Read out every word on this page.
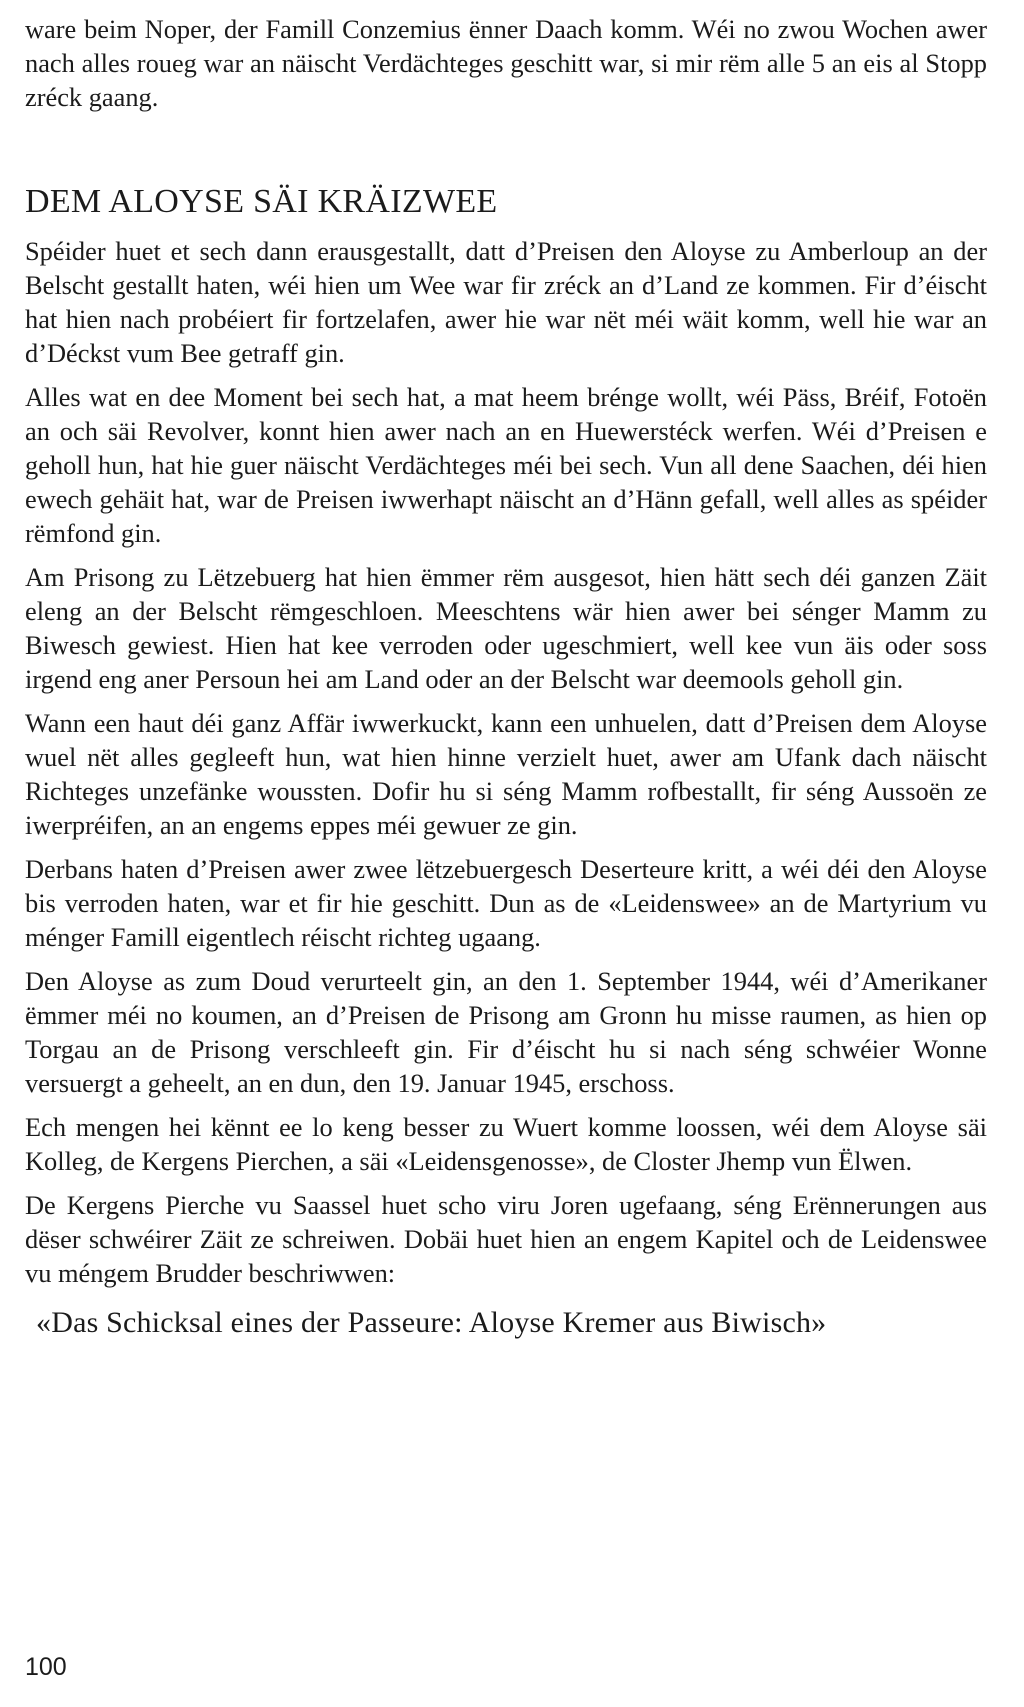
ware beim Noper, der Famill Conzemius ënner Daach komm. Wéi no zwou Wochen awer nach alles roueg war an näischt Verdächteges geschitt war, si mir rëm alle 5 an eis al Stopp zréck gaang.

DEM ALOYSE SÄI KRÄIZWEE

Spéider huet et sech dann erausgestallt, datt d’Preisen den Aloyse zu Amberloup an der Belscht gestallt haten, wéi hien um Wee war fir zréck an d’Land ze kommen. Fir d’éischt hat hien nach probéiert fir fortzelafen, awer hie war nët méi wäit komm, well hie war an d’Déckst vum Bee getraff gin.

Alles wat en dee Moment bei sech hat, a mat heem brénge wollt, wéi Päss, Bréif, Fotoën an och säi Revolver, konnt hien awer nach an en Huewerstéck werfen. Wéi d’Preisen e geholl hun, hat hie guer näischt Verdächteges méi bei sech. Vun all dene Saachen, déi hien ewech gehäit hat, war de Preisen iwwerhapt näischt an d’Hänn gefall, well alles as spéider rëmfond gin.

Am Prisong zu Lëtzebuerg hat hien ëmmer rëm ausgesot, hien hätt sech déi ganzen Zäit eleng an der Belscht rëmgeschloen. Meeschtens wär hien awer bei sénger Mamm zu Biwesch gewiest. Hien hat kee verroden oder ugeschmiert, well kee vun äis oder soss irgend eng aner Persoun hei am Land oder an der Belscht war deemools geholl gin.

Wann een haut déi ganz Affär iwwerkuckt, kann een unhuelen, datt d’Preisen dem Aloyse wuel nët alles gegleeft hun, wat hien hinne verzielt huet, awer am Ufank dach näischt Richteges unzefänke woussten. Dofir hu si séng Mamm rofbestallt, fir séng Aussoën ze iwerpréifen, an an engems eppes méi gewuer ze gin.

Derbans haten d’Preisen awer zwee lëtzebuergesch Deserteure kritt, a wéi déi den Aloyse bis verroden haten, war et fir hie geschitt. Dun as de «Leidenswee» an de Martyrium vu ménger Famill eigentlech réischt richteg ugaang.

Den Aloyse as zum Doud verurteelt gin, an den 1. September 1944, wéi d’Amerikaner ëmmer méi no koumen, an d’Preisen de Prisong am Gronn hu misse raumen, as hien op Torgau an de Prisong verschleeft gin. Fir d’éischt hu si nach séng schwéier Wonne versuergt a geheelt, an en dun, den 19. Januar 1945, erschoss.

Ech mengen hei kënnt ee lo keng besser zu Wuert komme loossen, wéi dem Aloyse säi Kolleg, de Kergens Pierchen, a säi «Leidensgenosse», de Closter Jhemp vun Ëlwen.

De Kergens Pierche vu Saassel huet scho viru Joren ugefaang, séng Erënnerungen aus dëser schwéirer Zäit ze schreiwen. Dobäi huet hien an engem Kapitel och de Leidenswee vu méngem Brudder beschriwwen:

«Das Schicksal eines der Passeure: Aloyse Kremer aus Biwisch»
100
